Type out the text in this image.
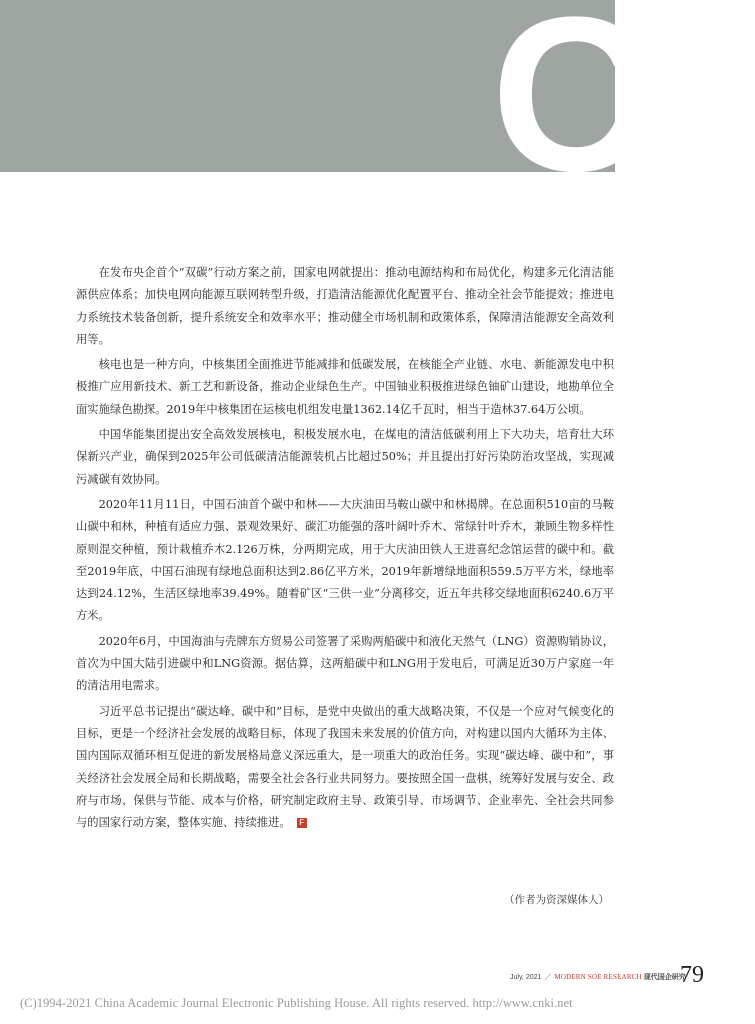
C

在发布央企首个“双碳”行动方案之前，国家电网就提出：推动电源结构和布局优化，构建多元化清洁能源供应体系；加快电网向能源互联网转型升级，打造清洁能源优化配置平台、推动全社会节能提效；推进电力系统技术装备创新，提升系统安全和效率水平；推动健全市场机制和政策体系，保障清洁能源安全高效利用等。

核电也是一种方向，中核集团全面推进节能减排和低碳发展，在核能全产业链、水电、新能源发电中积极推广应用新技术、新工艺和新设备，推动企业绿色生产。中国铀业积极推进绿色铀矿山建设，地勘单位全面实施绿色勘探。2019年中核集团在运核电机组发电量1362.14亿千瓦时，相当于造林37.64万公顷。

中国华能集团提出安全高效发展核电，积极发展水电，在煤电的清洁低碳利用上下大功夫，培育壮大环保新兴产业，确保到2025年公司低碳清洁能源装机占比超过50%；并且提出打好污染防治攻坚战，实现减污减碳有效协同。

2020年11月11日，中国石油首个碳中和林——大庆油田马鞍山碳中和林揭牌。在总面积510亩的马鞍山碳中和林，种植有适应力强、景观效果好、碳汇功能强的落叶阔叶乔木、常绿针叶乔木，兼顾生物多样性原则混交种植，预计栽植乔木2.126万株，分两期完成，用于大庆油田铁人王进喜纪念馆运营的碳中和。截至2019年底，中国石油现有绿地总面积达到2.86亿平方米，2019年新增绿地面积559.5万平方米，绿地率达到24.12%，生活区绿地率39.49%。随着矿区“三供一业”分离移交，近五年共移交绿地面积6240.6万平方米。

2020年6月，中国海油与壳牌东方贸易公司签署了采购两船碳中和液化天然气（LNG）资源购销协议，首次为中国大陆引进碳中和LNG资源。据估算，这两船碳中和LNG用于发电后，可满足近30万户家庭一年的清洁用电需求。

习近平总书记提出“碳达峰、碳中和”目标，是党中央做出的重大战略决策，不仅是一个应对气候变化的目标，更是一个经济社会发展的战略目标，体现了我国未来发展的价值方向，对构建以国内大循环为主体、国内国际双循环相互促进的新发展格局意义深远重大，是一项重大的政治任务。实现“碳达峰、碳中和”，事关经济社会发展全局和长期战略，需要全社会各行业共同努力。要按照全国一盘棋，统筹好发展与安全、政府与市场、保供与节能、成本与价格，研究制定政府主导、政策引导、市场调节、企业率先、全社会共同参与的国家行动方案，整体实施、持续推进。 F

（作者为资深媒体人）
July, 2021 ／ MODERN SOE RESEARCH 现代国企研究
79
(C)1994-2021 China Academic Journal Electronic Publishing House. All rights reserved. http://www.cnki.net
